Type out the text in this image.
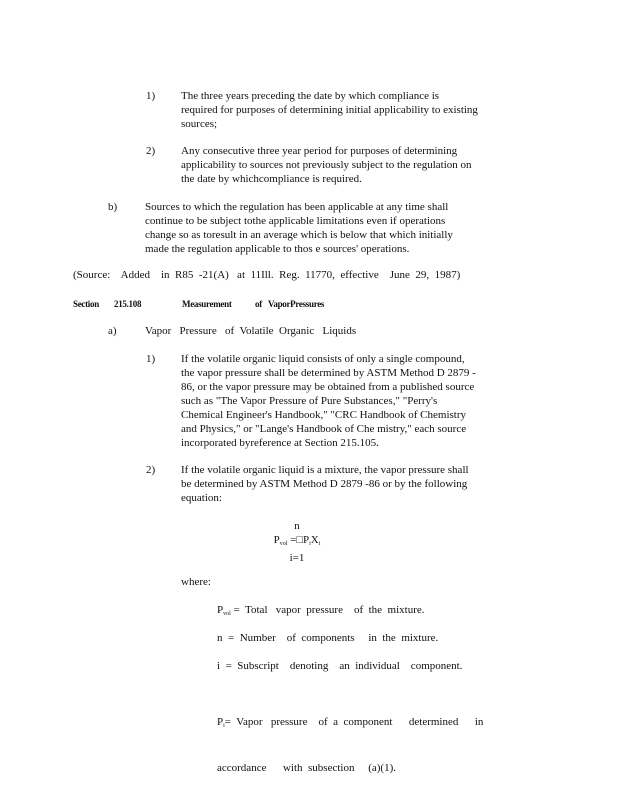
1) The three years preceding the date by which compliance is
required for purposes of determining initial applicability to existing
sources;
2) Any consecutive three year period for purposes of determining
applicability to sources not previously subject to the regulation on
the date by whichcompliance is required.
b)	Sources to which the regulation has been applicable at any time shall
continue to be subject tothe applicable limitations even if operations
change so as toresult in an average which is below that which initially
made the regulation applicable to thos e sources' operations.
(Source:    Added    in  R85  -21(A)   at  11Ill.  Reg.  11770,  effective    June  29,  1987)
Section 215.108	Measurement	of VaporPressures
a)	Vapor   Pressure   of  Volatile  Organic   Liquids
1) If the volatile organic liquid consists of only a single compound,
the vapor pressure shall be determined by ASTM Method D 2879 -
86, or the vapor pressure may be obtained from a published source
such as "The Vapor Pressure of Pure Substances," "Perry's
Chemical Engineer's Handbook," "CRC Handbook of Chemistry
and Physics," or "Lange's Handbook of Che mistry," each source
incorporated byreference at Section 215.105.
2) If the volatile organic liquid is a mixture, the vapor pressure shall
be determined by ASTM Method D 2879 -86 or by the following
equation:
n
$P_{vol}$ $=□P_iX_i$
i=1
where:
$P_{vol}$ =  Total   vapor  pressure    of  the  mixture.
n  =  Number    of  components     in  the  mixture.
i  =  Subscript    denoting    an  individual    component.

$P_i=$  Vapor   pressure    of  a  component      determined      in

accordance      with  subsection     (a)(1).
